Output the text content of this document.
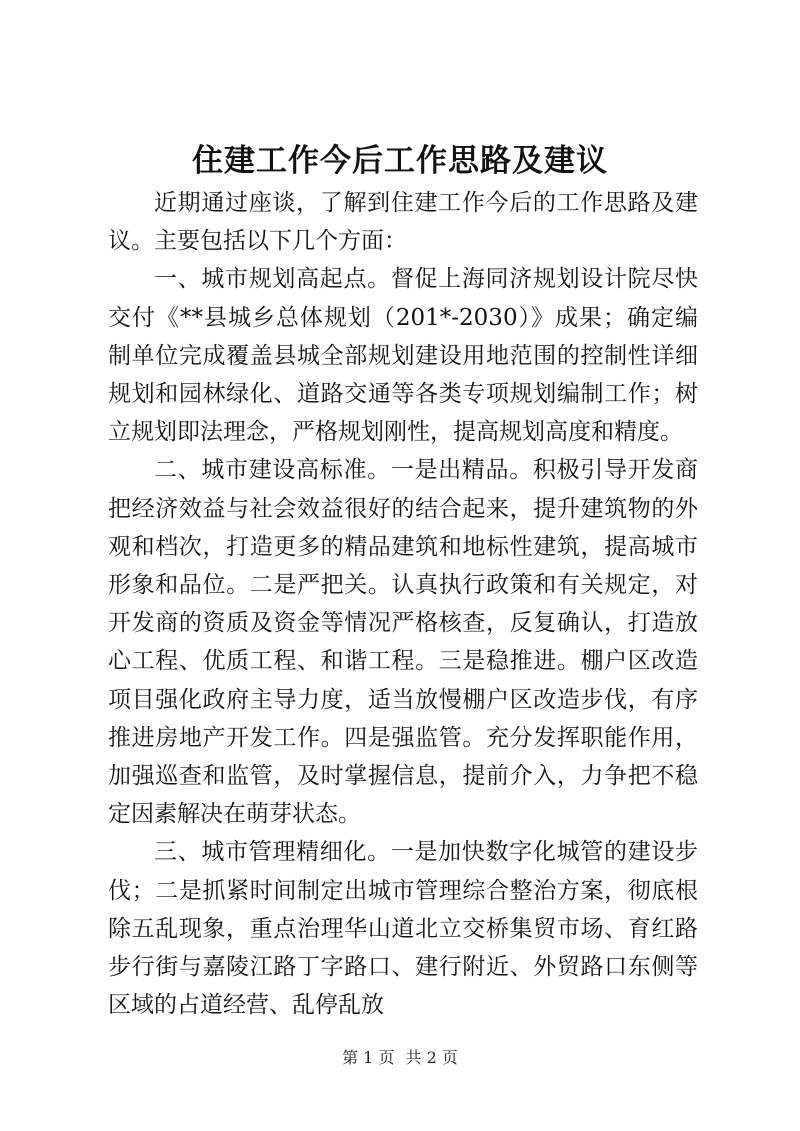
住建工作今后工作思路及建议

近期通过座谈，了解到住建工作今后的工作思路及建议。主要包括以下几个方面：

一、城市规划高起点。督促上海同济规划设计院尽快交付《**县城乡总体规划（201*-2030）》成果；确定编制单位完成覆盖县城全部规划建设用地范围的控制性详细规划和园林绿化、道路交通等各类专项规划编制工作；树立规划即法理念，严格规划刚性，提高规划高度和精度。

二、城市建设高标准。一是出精品。积极引导开发商把经济效益与社会效益很好的结合起来，提升建筑物的外观和档次，打造更多的精品建筑和地标性建筑，提高城市形象和品位。二是严把关。认真执行政策和有关规定，对开发商的资质及资金等情况严格核查，反复确认，打造放心工程、优质工程、和谐工程。三是稳推进。棚户区改造项目强化政府主导力度，适当放慢棚户区改造步伐，有序推进房地产开发工作。四是强监管。充分发挥职能作用，加强巡查和监管，及时掌握信息，提前介入，力争把不稳定因素解决在萌芽状态。

三、城市管理精细化。一是加快数字化城管的建设步伐；二是抓紧时间制定出城市管理综合整治方案，彻底根除五乱现象，重点治理华山道北立交桥集贸市场、育红路步行街与嘉陵江路丁字路口、建行附近、外贸路口东侧等区域的占道经营、乱停乱放

第 1 页 共 2 页
